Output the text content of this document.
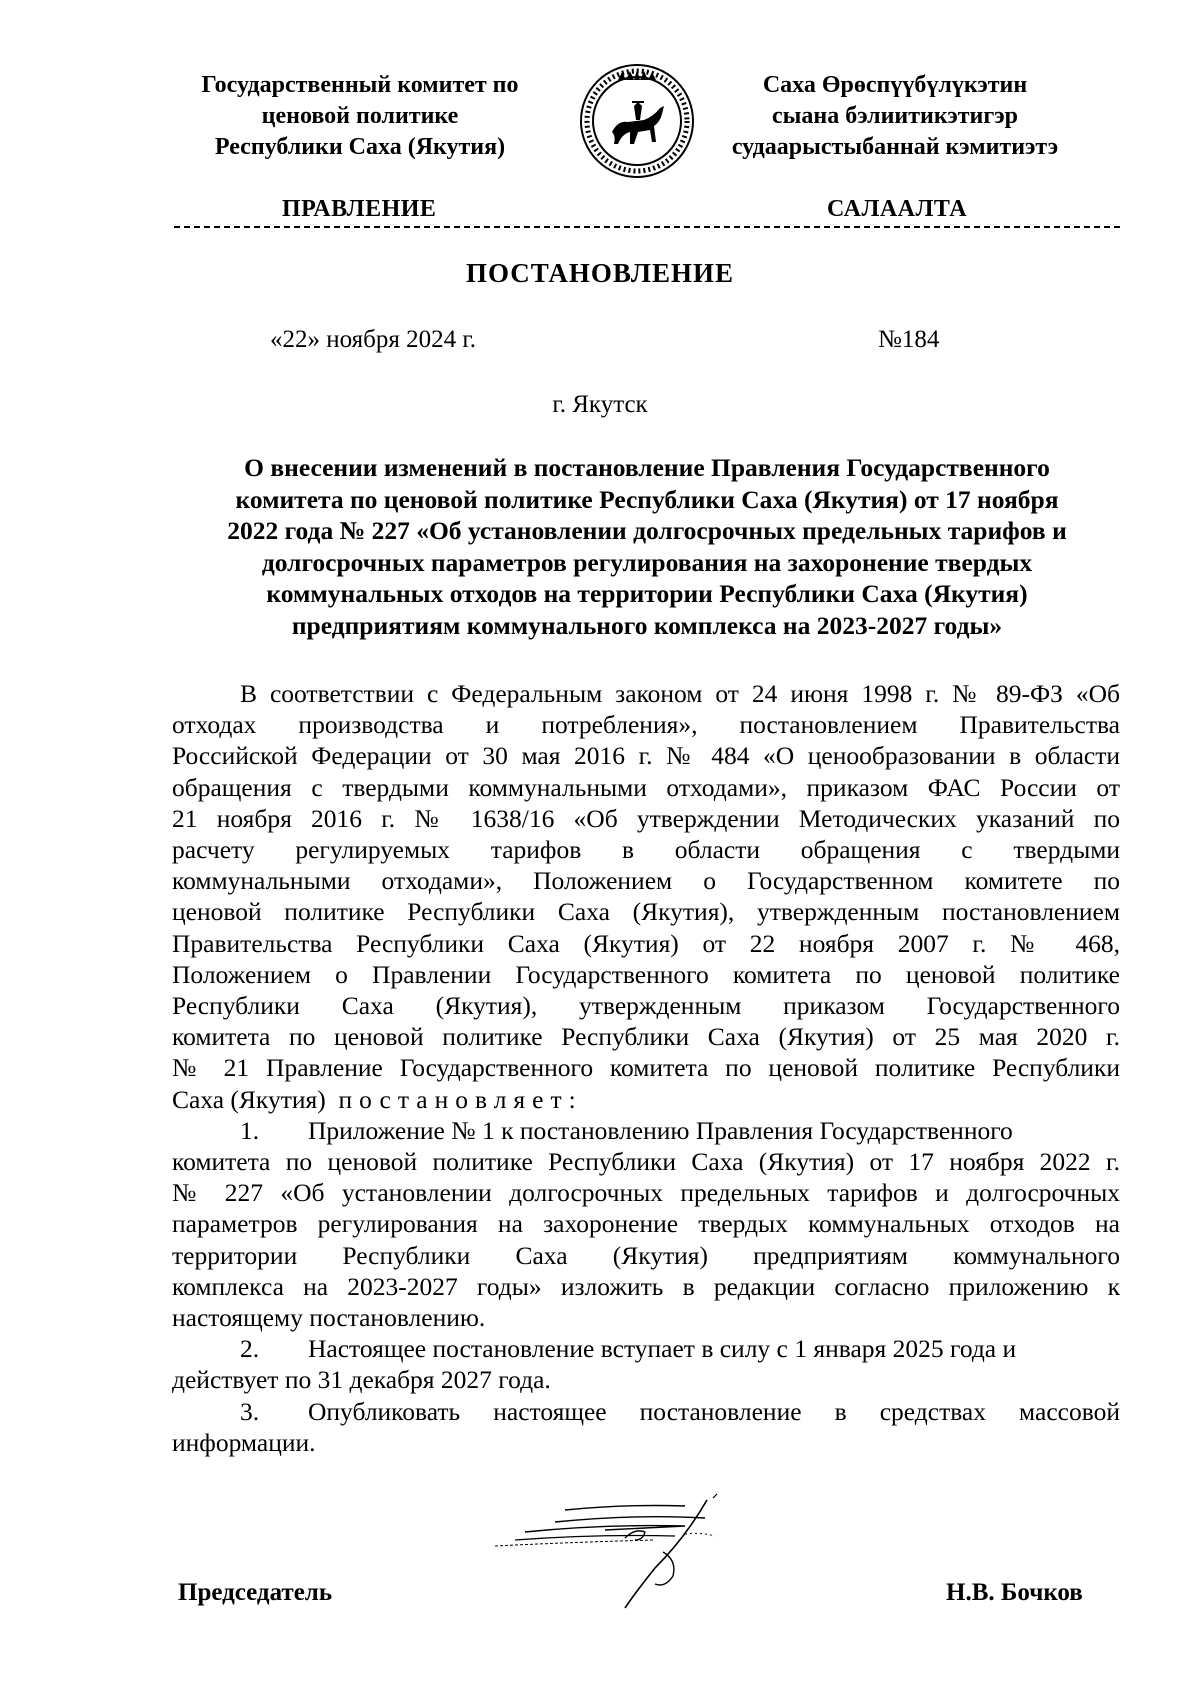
Государственный комитет по
ценовой политике
Республики Саха (Якутия)
Саха Өрөспүүбүлүкэтин
сыана бэлиитикэтигэр
судаарыстыбаннай кэмитиэтэ
ПРАВЛЕНИЕ	САЛААЛТА
ПОСТАНОВЛЕНИЕ
«22» ноября 2024 г.	№184
г. Якутск
О внесении изменений в постановление Правления Государственного
комитета по ценовой политике Республики Саха (Якутия) от 17 ноября
2022 года № 227 «Об установлении долгосрочных предельных тарифов и
долгосрочных параметров регулирования на захоронение твердых
коммунальных отходов на территории Республики Саха (Якутия)
предприятиям коммунального комплекса на 2023-2027 годы»
В соответствии с Федеральным законом от 24 июня 1998 г. № 89-ФЗ «Об
отходах производства и потребления», постановлением Правительства
Российской Федерации от 30 мая 2016 г. № 484 «О ценообразовании в области
обращения с твердыми коммунальными отходами», приказом ФАС России от
21 ноября 2016 г. № 1638/16 «Об утверждении Методических указаний по
расчету регулируемых тарифов в области обращения с твердыми
коммунальными отходами», Положением о Государственном комитете по
ценовой политике Республики Саха (Якутия), утвержденным постановлением
Правительства Республики Саха (Якутия) от 22 ноября 2007 г. № 468,
Положением о Правлении Государственного комитета по ценовой политике
Республики Саха (Якутия), утвержденным приказом Государственного
комитета по ценовой политике Республики Саха (Якутия) от 25 мая 2020 г.
№ 21 Правление Государственного комитета по ценовой политике Республики
Саха (Якутия) постановляет:
1. Приложение № 1 к постановлению Правления Государственного
комитета по ценовой политике Республики Саха (Якутия) от 17 ноября 2022 г.
№ 227 «Об установлении долгосрочных предельных тарифов и долгосрочных
параметров регулирования на захоронение твердых коммунальных отходов на
территории Республики Саха (Якутия) предприятиям коммунального
комплекса на 2023-2027 годы» изложить в редакции согласно приложению к
настоящему постановлению.
2. Настоящее постановление вступает в силу с 1 января 2025 года и
действует по 31 декабря 2027 года.
3.	Опубликовать настоящее постановление в средствах массовой
информации.
Председатель	Н.В. Бочков
